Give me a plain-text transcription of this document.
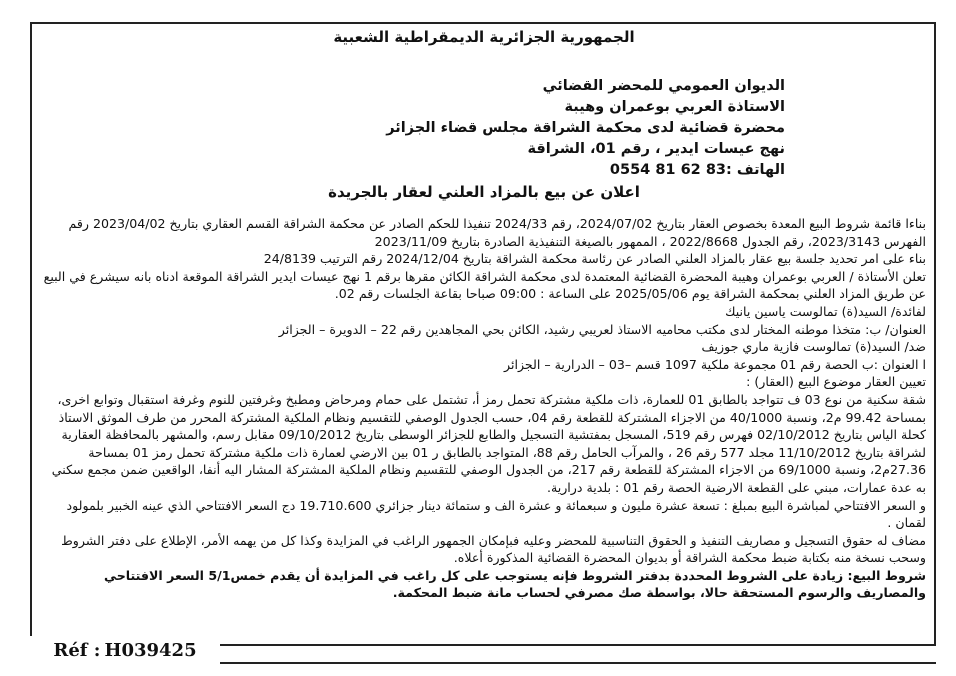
الجمهورية الجزائرية الديمقراطية الشعبية
الديوان العمومي للمحضر القضائي
الاستاذة العربي بوعمران وهيبة
محضرة قضائية لدى محكمة الشراقة مجلس قضاء الجزائر
نهج عيسات ايدير ، رقم 01، الشراقة
الهاتف :83 62 81 0554
اعلان عن بيع بالمزاد العلني لعقار بالجريدة

بناءا قائمة شروط البيع المعدة بخصوص العقار بتاريخ 2024/07/02، رقم 2024/33 تنفيذا للحكم الصادر عن محكمة الشراقة القسم العقاري بتاريخ 2023/04/02 رقم الفهرس 2023/3143، رقم الجدول 2022/8668 ، الممهور بالصيغة التنفيذية الصادرة بتاريخ 2023/11/09

بناء على امر تحديد جلسة بيع عقار بالمزاد العلني الصادر عن رئاسة محكمة الشراقة بتاريخ 2024/12/04 رقم الترتيب 24/8139

تعلن الأستاذة / العربي بوعمران وهيبة المحضرة القضائية المعتمدة لدى محكمة الشراقة الكائن مقرها برقم 1 نهج عيسات ايدير الشراقة الموقعة ادناه بانه سيشرع في البيع عن طريق المزاد العلني بمحكمة الشراقة يوم 2025/05/06 على الساعة : 09:00 صباحا بقاعة الجلسات رقم 02.

لفائدة/ السيد(ة) تمالوست ياسين يانيك

العنوان/ ب: متخذا موطنه المختار لدى مكتب محاميه الاستاذ لعريبي رشيد، الكائن بحي المجاهدين رقم 22 – الدويرة – الجزائر

ضد/ السيد(ة) تمالوست فازية ماري جوزيف

ا العنوان :ب الحصة رقم 01 مجموعة ملكية 1097 قسم –03 – الدرارية – الجزائر

تعيين العقار موضوع البيع (العقار) :

شقة سكنية من نوع 03 ف تتواجد بالطابق 01 للعمارة، ذات ملكية مشتركة تحمل رمز أ، تشتمل على حمام ومرحاض ومطبخ وغرفتين للنوم وغرفة استقبال وتوابع اخرى، بمساحة 99.42 م2، ونسبة 40/1000 من الاجزاء المشتركة للقطعة رقم 04، حسب الجدول الوصفي للتقسيم ونظام الملكية المشتركة المحرر من طرف الموثق الاستاذ كحلة الياس بتاريخ 02/10/2012 فهرس رقم 519، المسجل بمفتشية التسجيل والطابع للجزائر الوسطى بتاريخ 09/10/2012 مقابل رسم، والمشهر بالمحافظة العقارية لشراقة بتاريخ 11/10/2012 مجلد 577 رقم 26 ، والمرآب الحامل رقم 88، المتواجد بالطابق ر 01 بين الارضي لعمارة ذات ملكية مشتركة تحمل رمز 01 بمساحة 27.36م2، ونسبة 69/1000 من الاجزاء المشتركة للقطعة رقم 217، من الجدول الوصفي للتقسيم ونظام الملكية المشتركة المشار اليه أنفا، الواقعين ضمن مجمع سكني به عدة عمارات، مبني على القطعة الارضية الحصة رقم 01 : بلدية درارية.

و السعر الافتتاحي لمباشرة البيع بمبلغ : تسعة عشرة مليون و سبعمائة و عشرة الف و ستمائة دينار جزائري 19.710.600 دج السعر الافتتاحي الذي عينه الخبير بلمولود لقمان .

مضاف له حقوق التسجيل و مصاريف التنفيذ و الحقوق التناسبية للمحضر وعليه فبإمكان الجمهور الراغب في المزايدة وكذا كل من يهمه الأمر، الإطلاع على دفتر الشروط وسحب نسخة منه بكتابة ضبط محكمة الشراقة أو بديوان المحضرة القضائية المذكورة أعلاه.

شروط البيع: زيادة على الشروط المحددة بدفتر الشروط فإنه يستوجب على كل راغب في المزايدة أن يقدم خمس5/1 السعر الافتتاحي والمصاريف والرسوم المستحقة حالا، بواسطة صك مصرفي لحساب مانة ضبط المحكمة.

Réf : H039425
